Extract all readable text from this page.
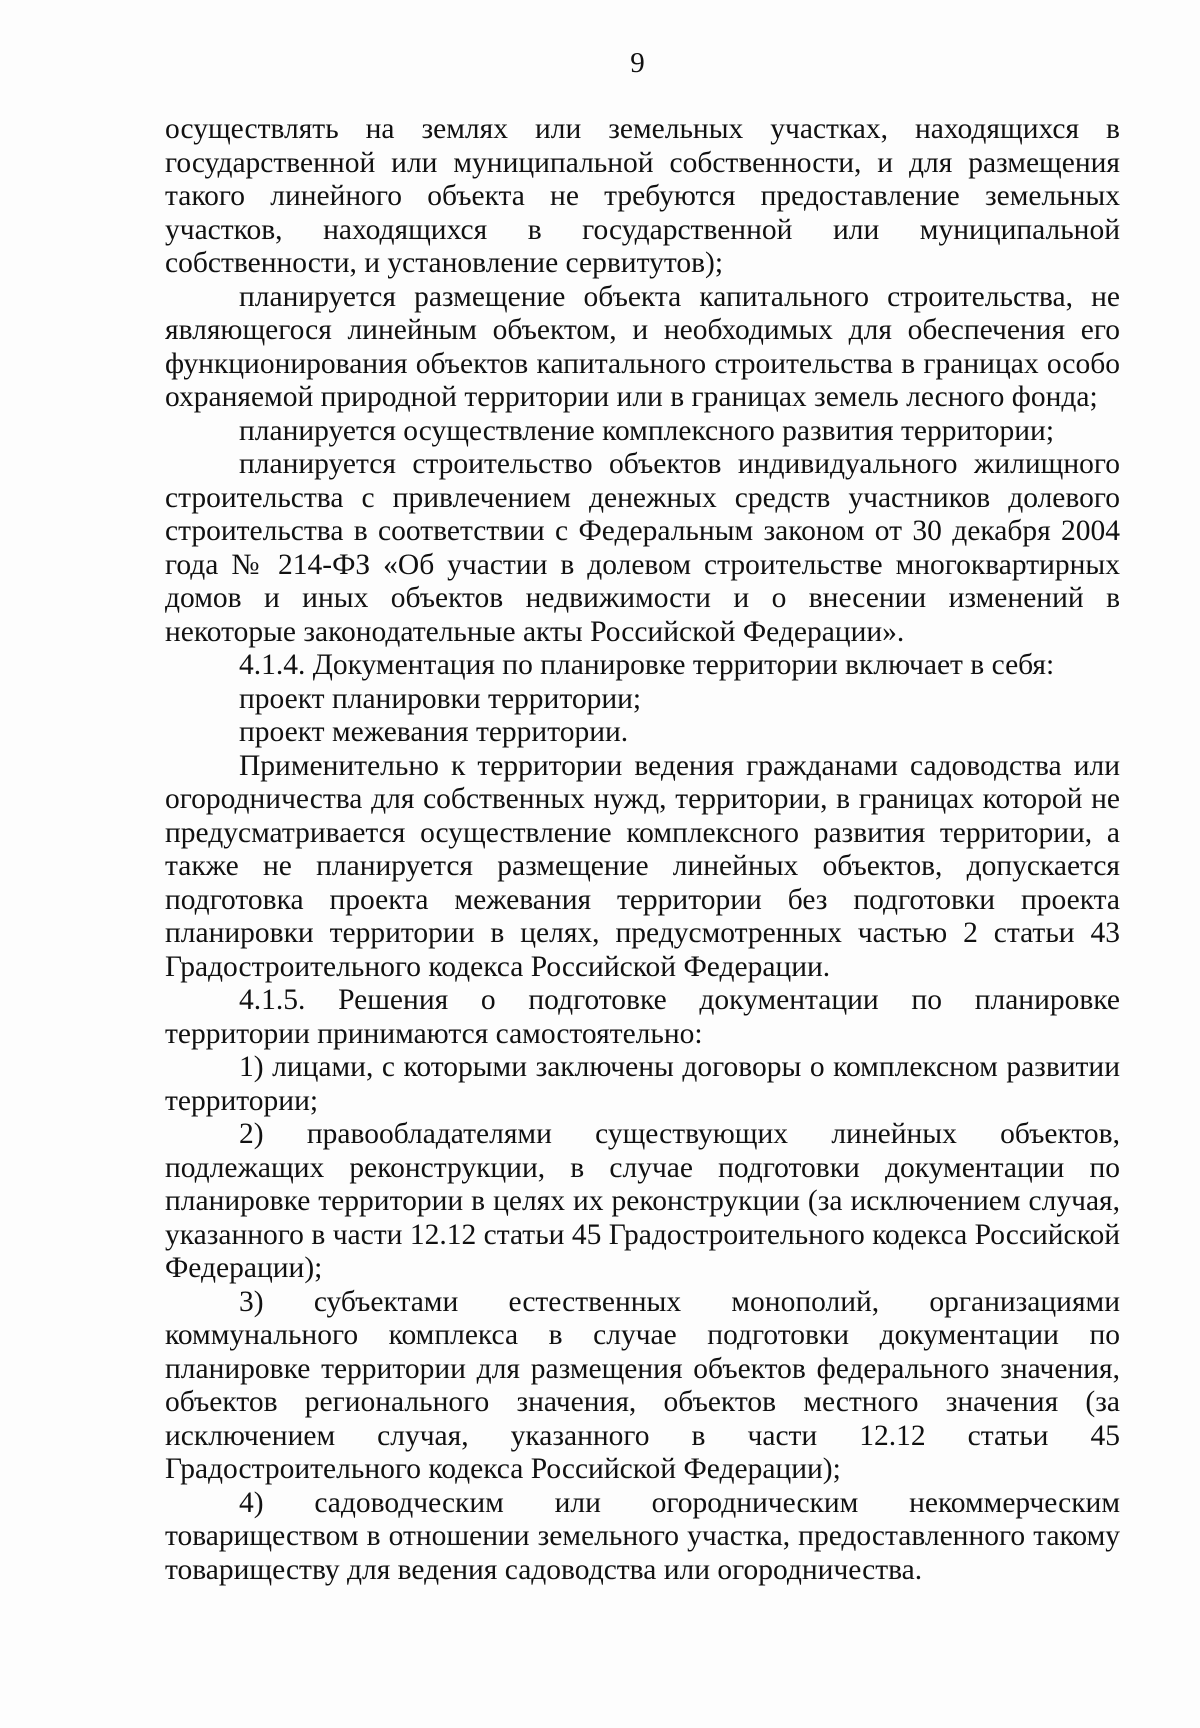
9

осуществлять на землях или земельных участках, находящихся в государственной или муниципальной собственности, и для размещения такого линейного объекта не требуются предоставление земельных участков, находящихся в государственной или муниципальной собственности, и установление сервитутов);

планируется размещение объекта капитального строительства, не являющегося линейным объектом, и необходимых для обеспечения его функционирования объектов капитального строительства в границах особо охраняемой природной территории или в границах земель лесного фонда;

планируется осуществление комплексного развития территории;

планируется строительство объектов индивидуального жилищного строительства с привлечением денежных средств участников долевого строительства в соответствии с Федеральным законом от 30 декабря 2004 года № 214-ФЗ «Об участии в долевом строительстве многоквартирных домов и иных объектов недвижимости и о внесении изменений в некоторые законодательные акты Российской Федерации».

4.1.4. Документация по планировке территории включает в себя:

проект планировки территории;

проект межевания территории.

Применительно к территории ведения гражданами садоводства или огородничества для собственных нужд, территории, в границах которой не предусматривается осуществление комплексного развития территории, а также не планируется размещение линейных объектов, допускается подготовка проекта межевания территории без подготовки проекта планировки территории в целях, предусмотренных частью 2 статьи 43 Градостроительного кодекса Российской Федерации.

4.1.5. Решения о подготовке документации по планировке территории принимаются самостоятельно:

1) лицами, с которыми заключены договоры о комплексном развитии территории;

2) правообладателями существующих линейных объектов, подлежащих реконструкции, в случае подготовки документации по планировке территории в целях их реконструкции (за исключением случая, указанного в части 12.12 статьи 45 Градостроительного кодекса Российской Федерации);

3) субъектами естественных монополий, организациями коммунального комплекса в случае подготовки документации по планировке территории для размещения объектов федерального значения, объектов регионального значения, объектов местного значения (за исключением случая, указанного в части 12.12 статьи 45 Градостроительного кодекса Российской Федерации);

4) садоводческим или огородническим некоммерческим товариществом в отношении земельного участка, предоставленного такому товариществу для ведения садоводства или огородничества.
